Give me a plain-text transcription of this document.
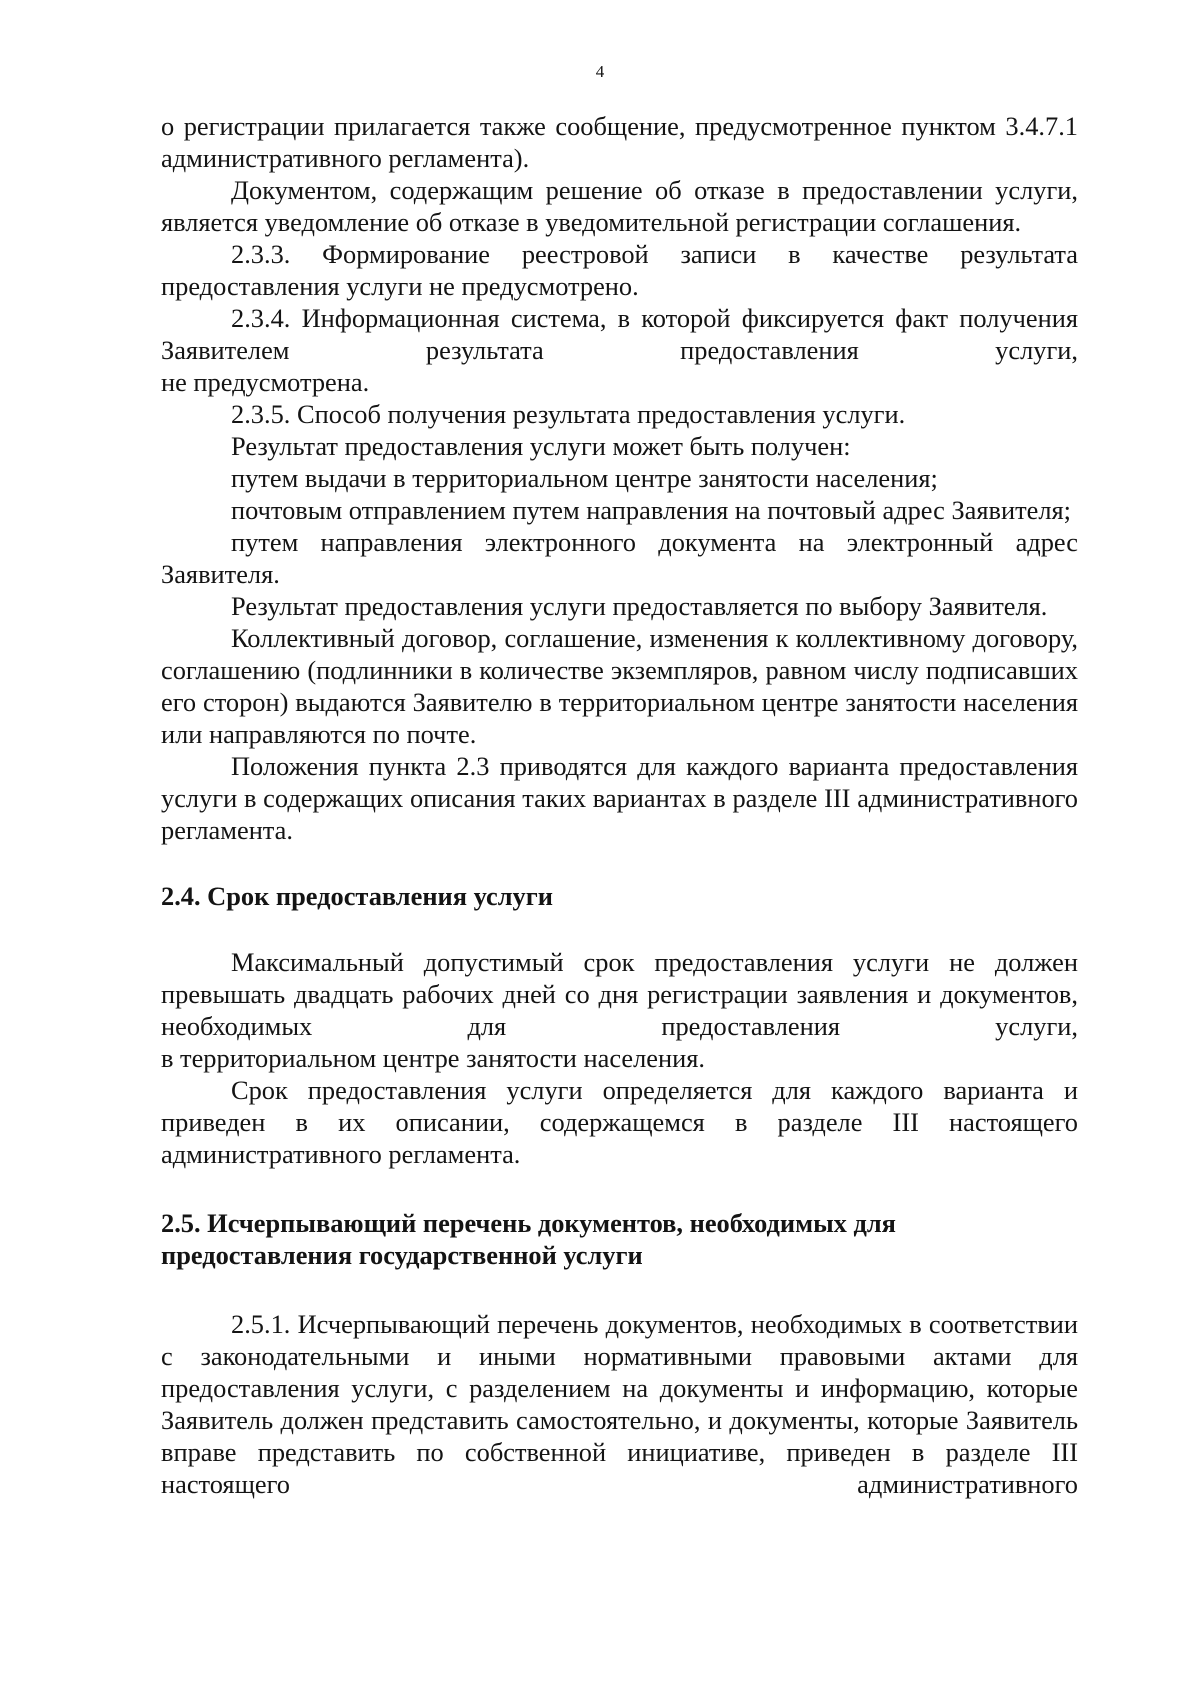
4

о регистрации прилагается также сообщение, предусмотренное пунктом 3.4.7.1 административного регламента).

Документом, содержащим решение об отказе в предоставлении услуги, является уведомление об отказе в уведомительной регистрации соглашения.

2.3.3. Формирование реестровой записи в качестве результата предоставления услуги не предусмотрено.

2.3.4. Информационная система, в которой фиксируется факт получения Заявителем результата предоставления услуги,

не предусмотрена.

2.3.5. Способ получения результата предоставления услуги.

Результат предоставления услуги может быть получен:

путем выдачи в территориальном центре занятости населения;

почтовым отправлением путем направления на почтовый адрес Заявителя;

путем направления электронного документа на электронный адрес Заявителя.

Результат предоставления услуги предоставляется по выбору Заявителя.

Коллективный договор, соглашение, изменения к коллективному договору, соглашению (подлинники в количестве экземпляров, равном числу подписавших его сторон) выдаются Заявителю в территориальном центре занятости населения или направляются по почте.

Положения пункта 2.3 приводятся для каждого варианта предоставления услуги в содержащих описания таких вариантах в разделе III административного регламента.

2.4. Срок предоставления услуги

Максимальный допустимый срок предоставления услуги не должен превышать двадцать рабочих дней со дня регистрации заявления и документов, необходимых для предоставления услуги,

в территориальном центре занятости населения.

Срок предоставления услуги определяется для каждого варианта и приведен в их описании, содержащемся в разделе III настоящего административного регламента.

2.5. Исчерпывающий перечень документов, необходимых для
предоставления государственной услуги

2.5.1. Исчерпывающий перечень документов, необходимых в соответствии с законодательными и иными нормативными правовыми актами для предоставления услуги, с разделением на документы и информацию, которые Заявитель должен представить самостоятельно, и документы, которые Заявитель вправе представить по собственной инициативе, приведен в разделе III настоящего административного
